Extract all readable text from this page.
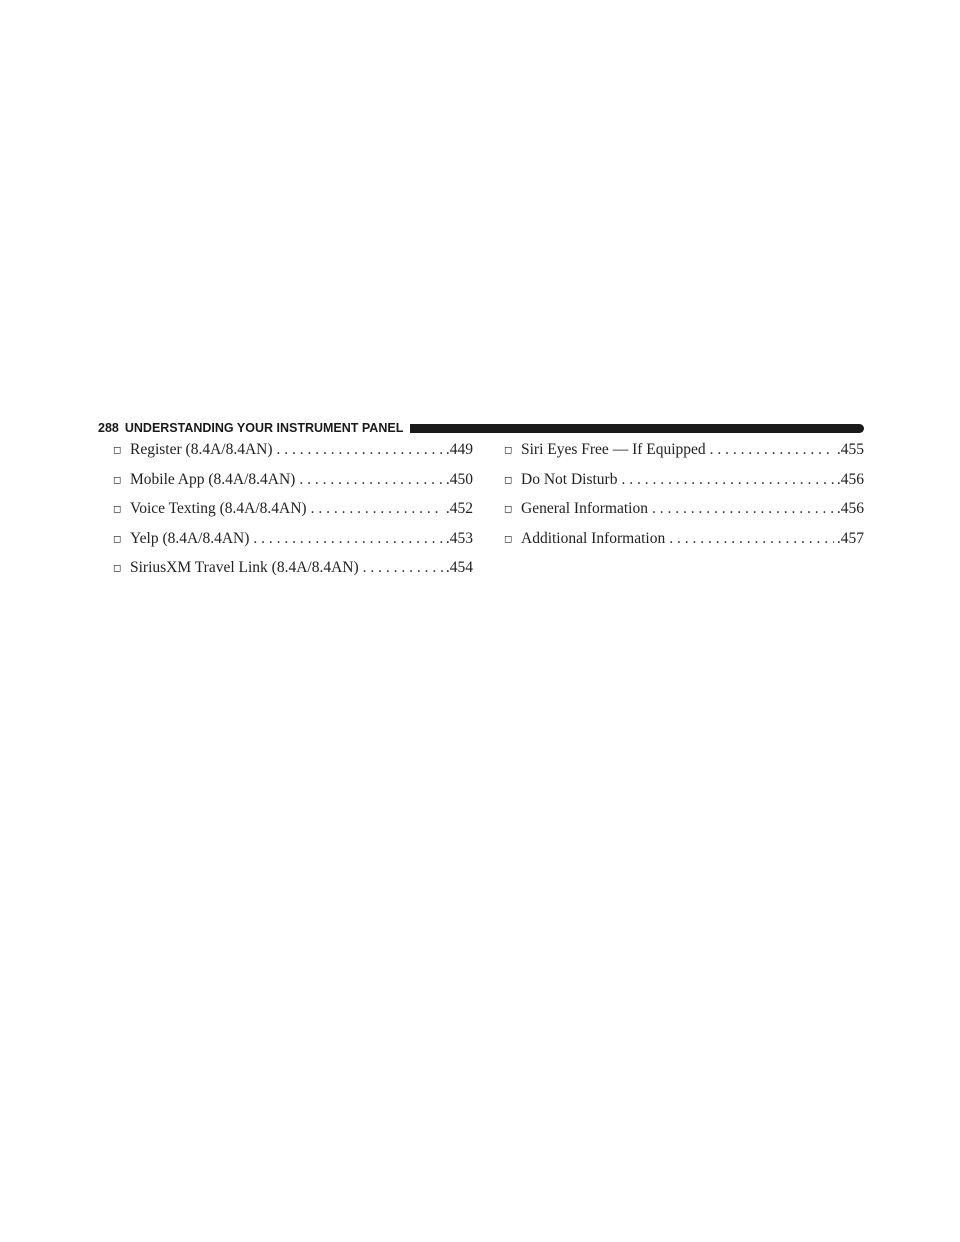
288 UNDERSTANDING YOUR INSTRUMENT PANEL
◻ Register (8.4A/8.4AN) . . .	.449
◻ Mobile App (8.4A/8.4AN) . . .	.450
◻ Voice Texting (8.4A/8.4AN) . . .	.452
◻ Yelp (8.4A/8.4AN) . . .	.453
◻ SiriusXM Travel Link (8.4A/8.4AN) . . .	.454
◻ Siri Eyes Free — If Equipped . . .	.455
◻ Do Not Disturb . . .	.456
◻ General Information . . .	.456
◻ Additional Information . . .	.457
